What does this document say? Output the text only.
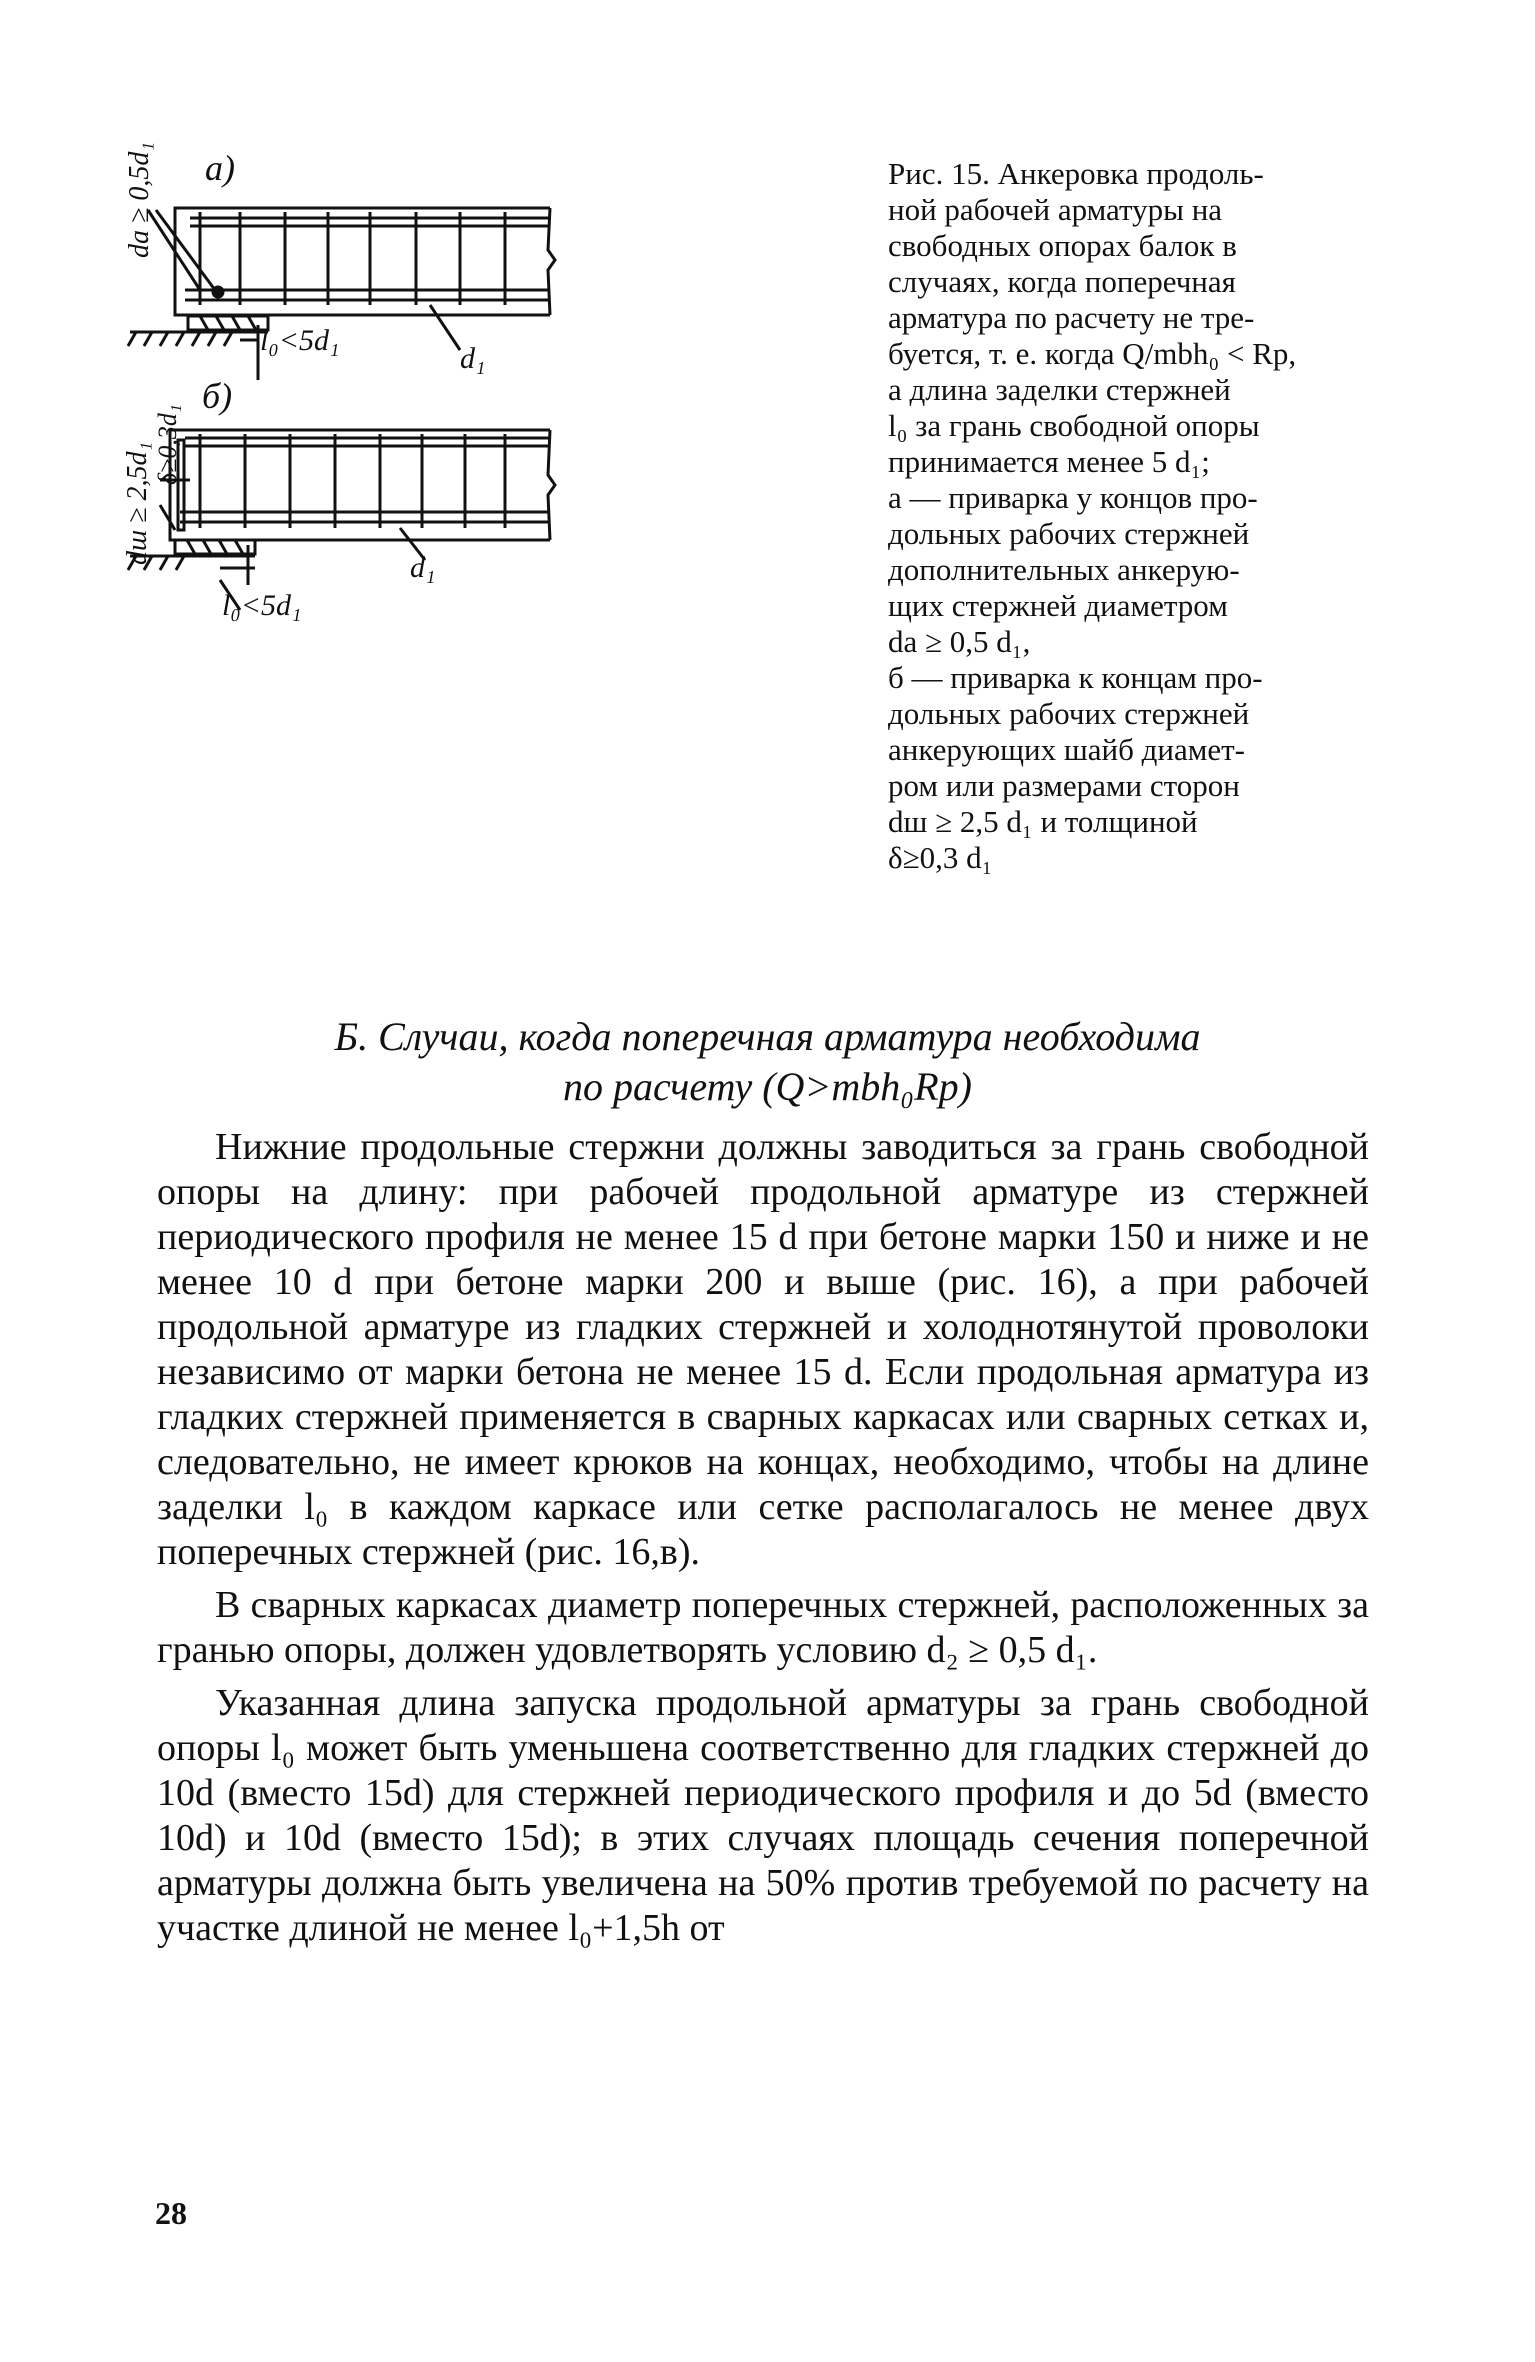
а)
б)
l₀<5d₁
l₀<5d₁
d₁
d₁
dа ≥ 0,5d₁
dш ≥ 2,5d₁ δ≥0,3d₁

Рис. 15. Анкеровка продоль-

ной рабочей арматуры на

свободных опорах балок в

случаях, когда поперечная

арматура по расчету не тре-

буется, т. е. когда Q/mbh₀ < Rp,

а длина заделки стержней

l₀ за грань свободной опоры

принимается менее 5 d₁;

а — приварка у концов про-

дольных рабочих стержней

дополнительных анкерую-

щих стержней диаметром

dа ≥ 0,5 d₁,

б — приварка к концам про-

дольных рабочих стержней

анкерующих шайб диамет-

ром или размерами сторон

dш ≥ 2,5 d₁ и толщиной

δ≥0,3 d₁

Б. Случаи, когда поперечная арматура необходима
по расчету (Q>mbh₀Rр)

Нижние продольные стержни должны заводиться за грань свободной опоры на длину: при рабочей продольной арматуре из стержней периодического профиля не менее 15 d при бетоне марки 150 и ниже и не менее 10 d при бетоне марки 200 и выше (рис. 16), а при рабочей продольной арматуре из гладких стержней и холоднотянутой проволоки независимо от марки бетона не менее 15 d. Если продольная арматура из гладких стержней применяется в сварных каркасах или сварных сетках и, следовательно, не имеет крюков на концах, необходимо, чтобы на длине заделки l₀ в каждом каркасе или сетке располагалось не менее двух поперечных стержней (рис. 16,в).

В сварных каркасах диаметр поперечных стержней, расположенных за гранью опоры, должен удовлетворять условию d₂ ≥ 0,5 d₁.

Указанная длина запуска продольной арматуры за грань свободной опоры l₀ может быть уменьшена соответственно для гладких стержней до 10d (вместо 15d) для стержней периодического профиля и до 5d (вместо 10d) и 10d (вместо 15d); в этих случаях площадь сечения поперечной арматуры должна быть увеличена на 50% против требуемой по расчету на участке длиной не менее l₀+1,5h от

28
